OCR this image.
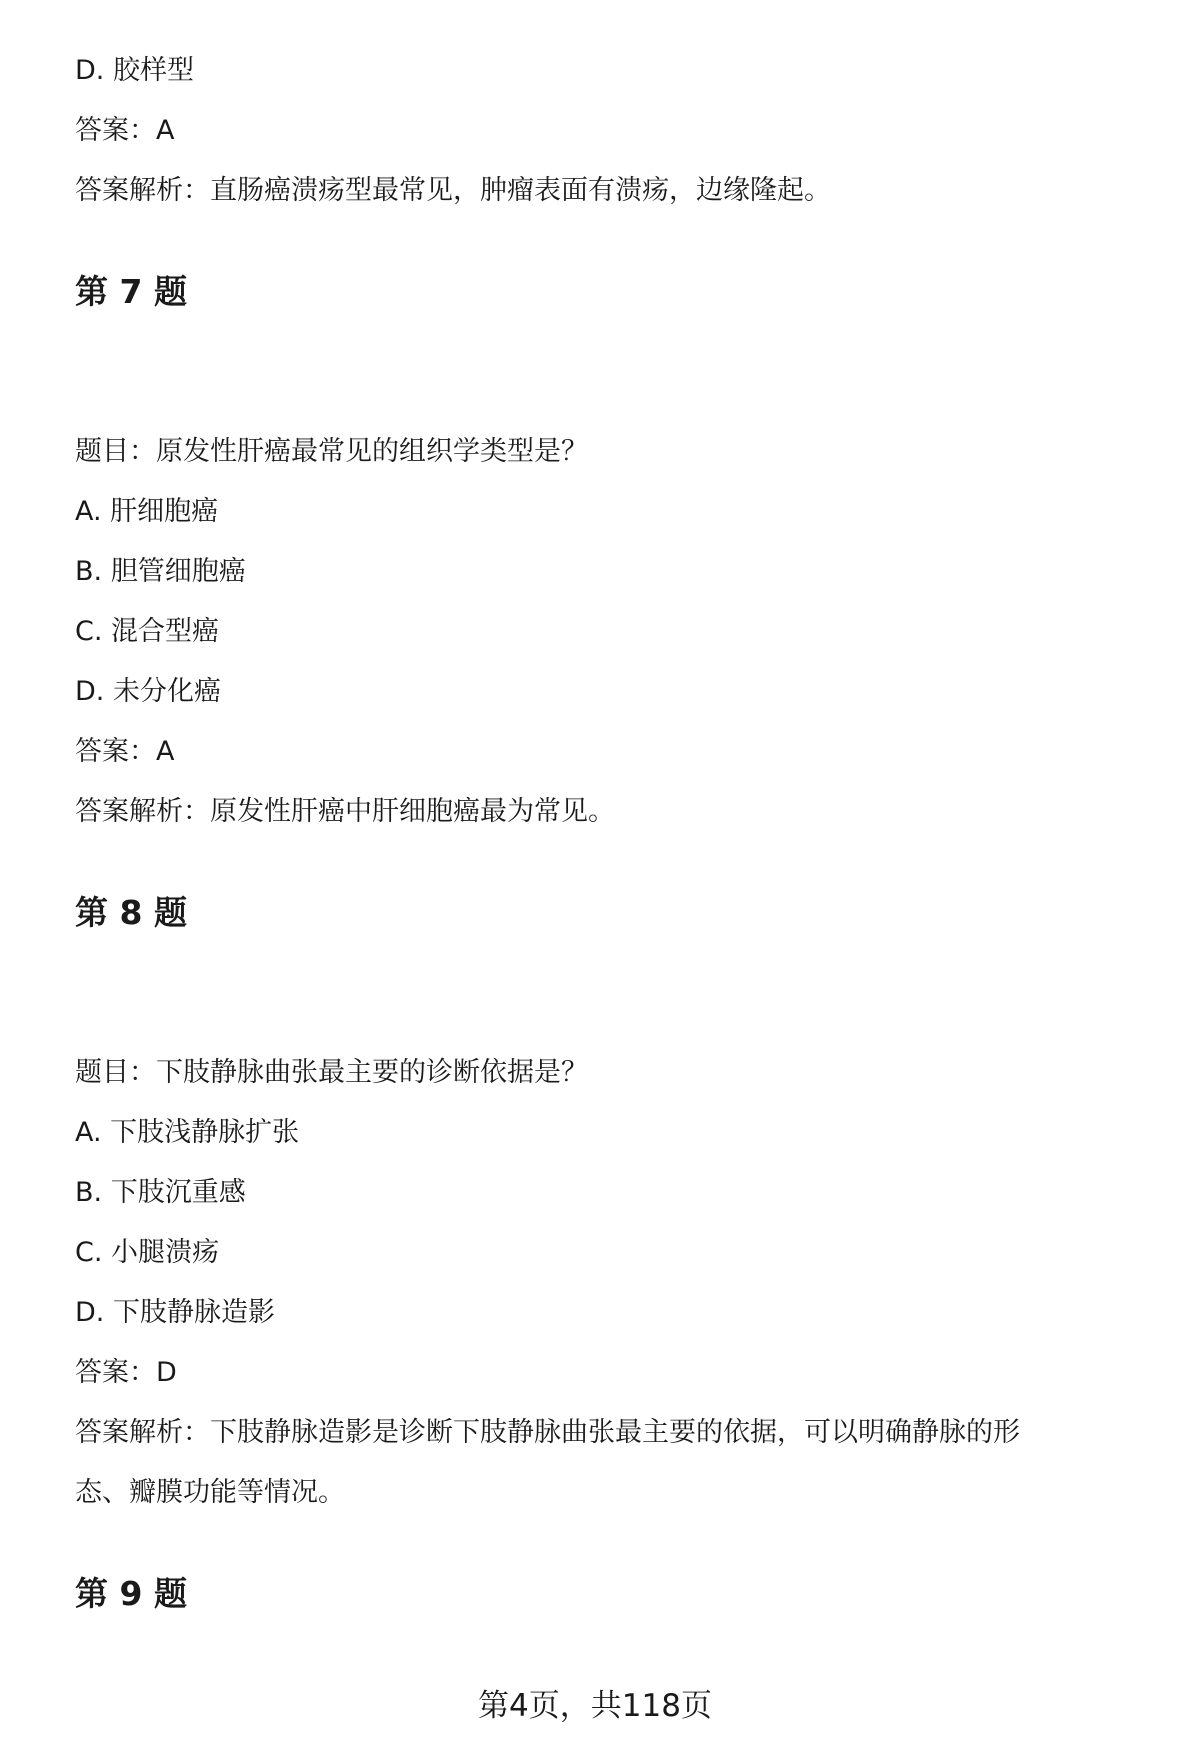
D. 胶样型
答案：A
答案解析：直肠癌溃疡型最常见，肿瘤表面有溃疡，边缘隆起。
第 7 题
题目：原发性肝癌最常见的组织学类型是？
A. 肝细胞癌
B. 胆管细胞癌
C. 混合型癌
D. 未分化癌
答案：A
答案解析：原发性肝癌中肝细胞癌最为常见。
第 8 题
题目：下肢静脉曲张最主要的诊断依据是？
A. 下肢浅静脉扩张
B. 下肢沉重感
C. 小腿溃疡
D. 下肢静脉造影
答案：D
答案解析：下肢静脉造影是诊断下肢静脉曲张最主要的依据，可以明确静脉的形
态、瓣膜功能等情况。
第 9 题
第4页，共118页
